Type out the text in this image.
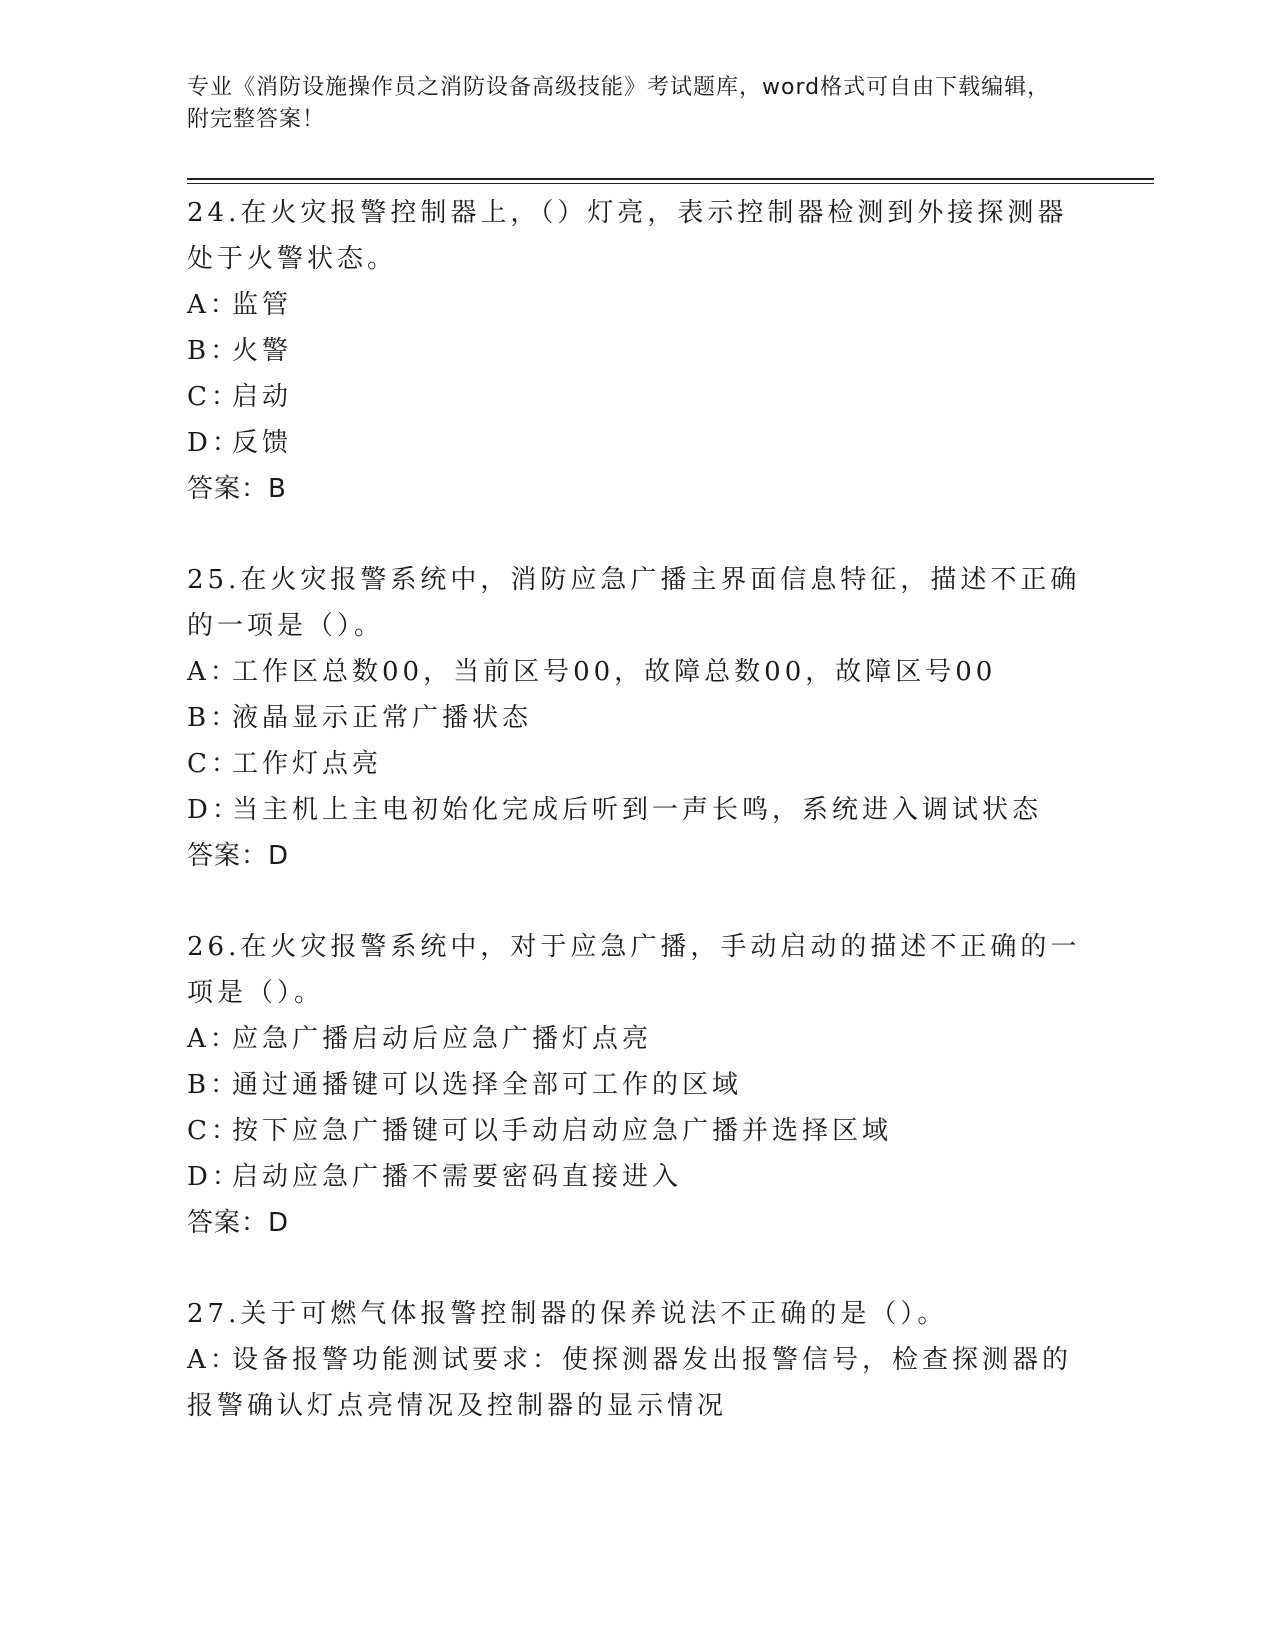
专业《消防设施操作员之消防设备高级技能》考试题库，word格式可自由下载编辑，附完整答案！
24.在火灾报警控制器上，（）灯亮，表示控制器检测到外接探测器处于火警状态。
A：监管
B：火警
C：启动
D：反馈
答案：B
25.在火灾报警系统中，消防应急广播主界面信息特征，描述不正确的一项是（）。
A：工作区总数00，当前区号00，故障总数00，故障区号00
B：液晶显示正常广播状态
C：工作灯点亮
D：当主机上主电初始化完成后听到一声长鸣，系统进入调试状态
答案：D
26.在火灾报警系统中，对于应急广播，手动启动的描述不正确的一项是（）。
A：应急广播启动后应急广播灯点亮
B：通过通播键可以选择全部可工作的区域
C：按下应急广播键可以手动启动应急广播并选择区域
D：启动应急广播不需要密码直接进入
答案：D
27.关于可燃气体报警控制器的保养说法不正确的是（）。
A：设备报警功能测试要求：使探测器发出报警信号，检查探测器的报警确认灯点亮情况及控制器的显示情况
